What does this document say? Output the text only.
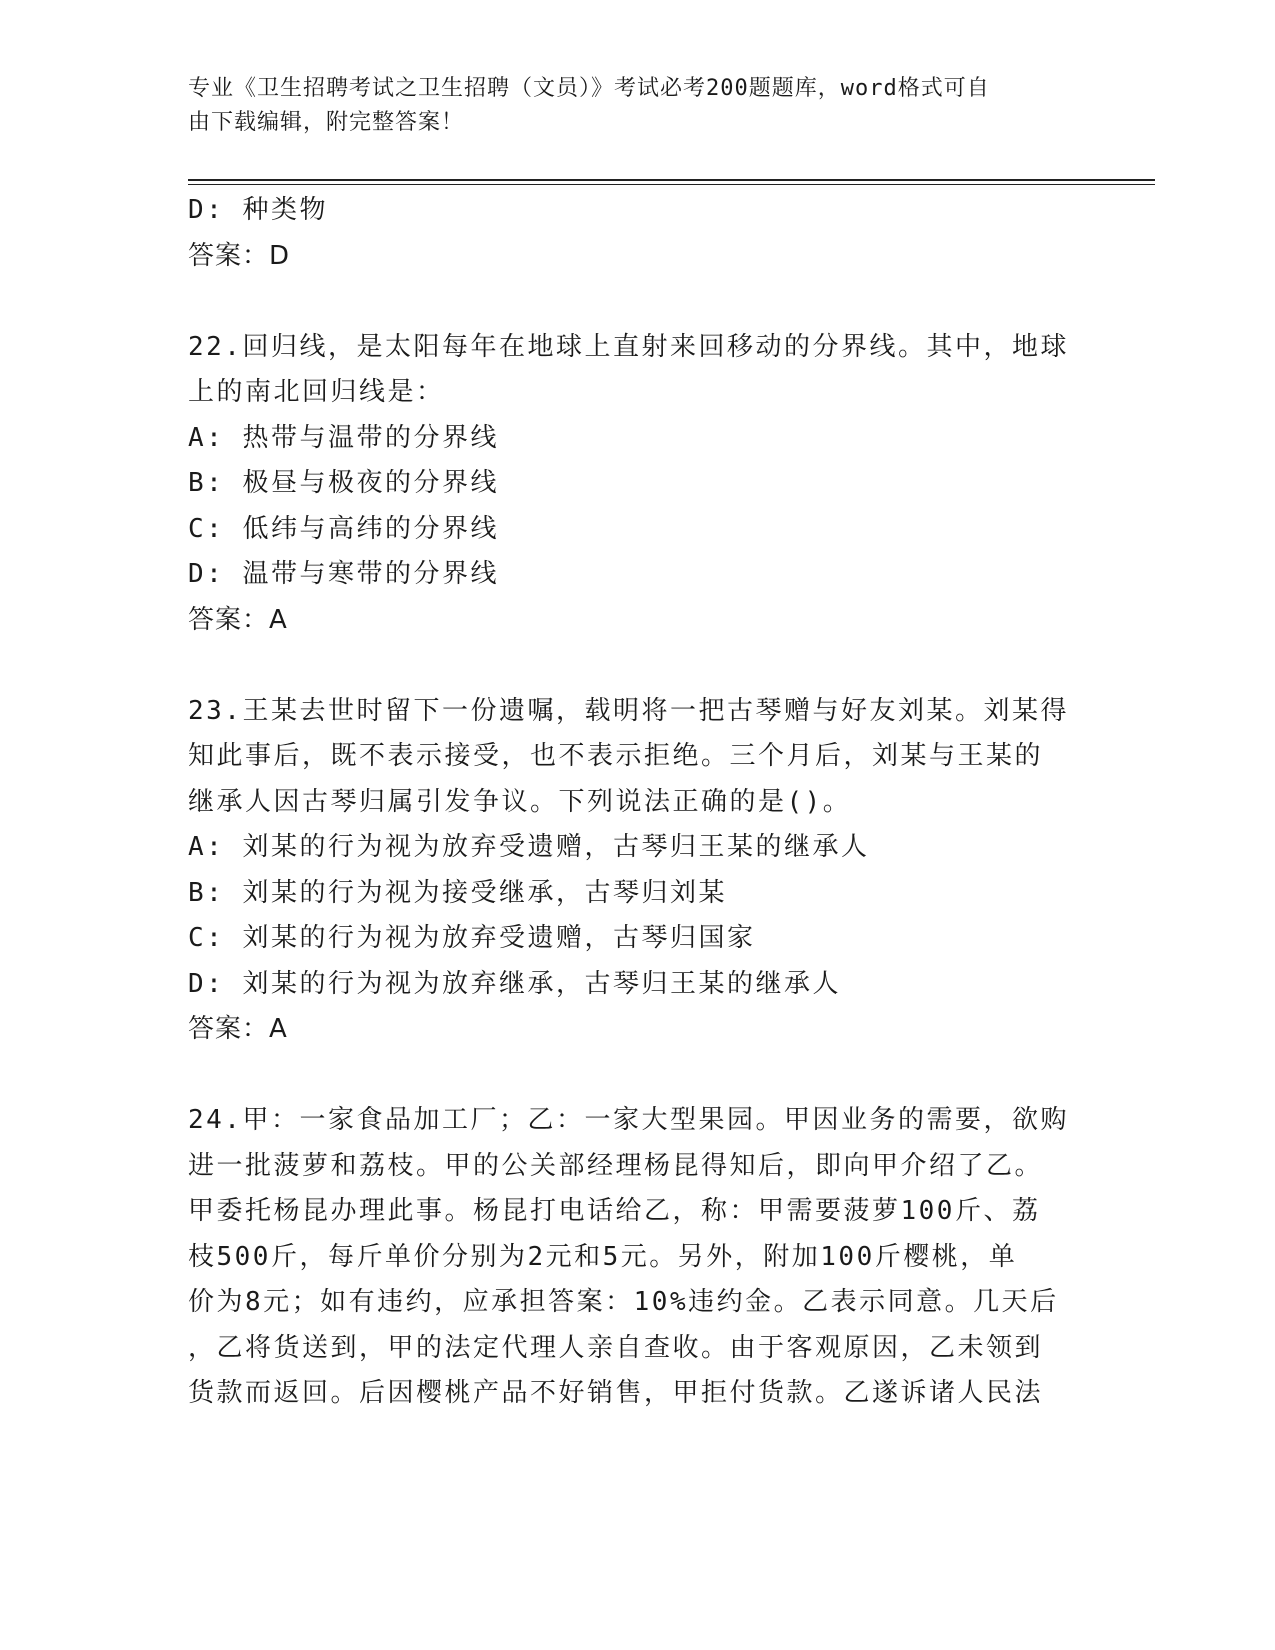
专业《卫生招聘考试之卫生招聘（文员）》考试必考200题题库，word格式可自
由下载编辑，附完整答案！
D: 种类物
答案：D
22.回归线，是太阳每年在地球上直射来回移动的分界线。其中，地球
上的南北回归线是：
A: 热带与温带的分界线
B: 极昼与极夜的分界线
C: 低纬与高纬的分界线
D: 温带与寒带的分界线
答案：A
23.王某去世时留下一份遗嘱，载明将一把古琴赠与好友刘某。刘某得
知此事后，既不表示接受，也不表示拒绝。三个月后，刘某与王某的
继承人因古琴归属引发争议。下列说法正确的是()。
A: 刘某的行为视为放弃受遗赠，古琴归王某的继承人
B: 刘某的行为视为接受继承，古琴归刘某
C: 刘某的行为视为放弃受遗赠，古琴归国家
D: 刘某的行为视为放弃继承，古琴归王某的继承人
答案：A
24.甲：一家食品加工厂；乙：一家大型果园。甲因业务的需要，欲购
进一批菠萝和荔枝。甲的公关部经理杨昆得知后，即向甲介绍了乙。
甲委托杨昆办理此事。杨昆打电话给乙，称：甲需要菠萝100斤、荔
枝500斤，每斤单价分别为2元和5元。另外，附加100斤樱桃，单
价为8元；如有违约，应承担答案：10%违约金。乙表示同意。几天后
，乙将货送到，甲的法定代理人亲自查收。由于客观原因，乙未领到
货款而返回。后因樱桃产品不好销售，甲拒付货款。乙遂诉诸人民法
